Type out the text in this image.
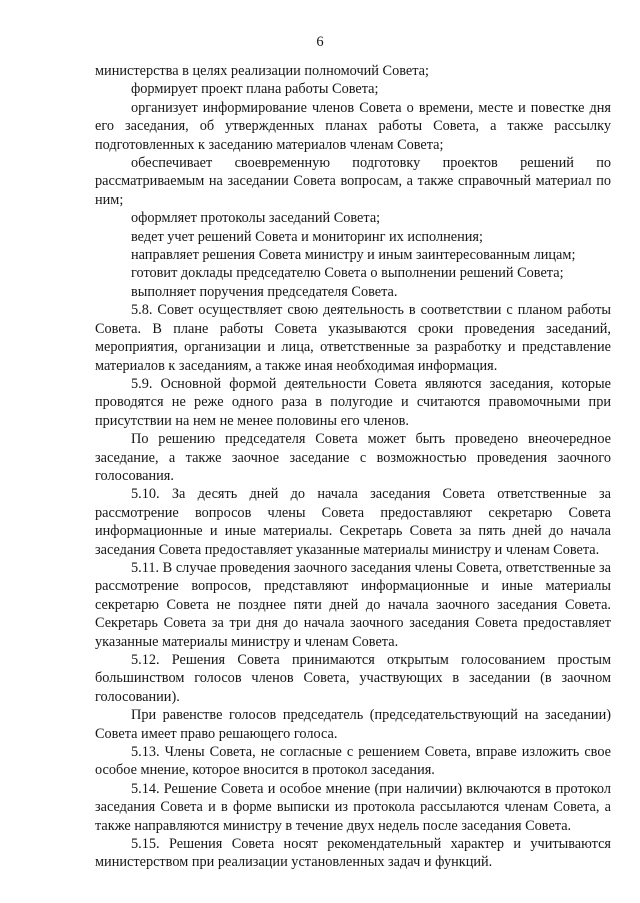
6

министерства в целях реализации полномочий Совета;

формирует проект плана работы Совета;

организует информирование членов Совета о времени, месте и повестке дня его заседания, об утвержденных планах работы Совета, а также рассылку подготовленных к заседанию материалов членам Совета;

обеспечивает своевременную подготовку проектов решений по рассматриваемым на заседании Совета вопросам, а также справочный материал по ним;

оформляет протоколы заседаний Совета;

ведет учет решений Совета и мониторинг их исполнения;

направляет решения Совета министру и иным заинтересованным лицам;

готовит доклады председателю Совета о выполнении решений Совета;

выполняет поручения председателя Совета.

5.8. Совет осуществляет свою деятельность в соответствии с планом работы Совета. В плане работы Совета указываются сроки проведения заседаний, мероприятия, организации и лица, ответственные за разработку и представление материалов к заседаниям, а также иная необходимая информация.

5.9. Основной формой деятельности Совета являются заседания, которые проводятся не реже одного раза в полугодие и считаются правомочными при присутствии на нем не менее половины его членов.

По решению председателя Совета может быть проведено внеочередное заседание, а также заочное заседание с возможностью проведения заочного голосования.

5.10. За десять дней до начала заседания Совета ответственные за рассмотрение вопросов члены Совета предоставляют секретарю Совета информационные и иные материалы. Секретарь Совета за пять дней до начала заседания Совета предоставляет указанные материалы министру и членам Совета.

5.11. В случае проведения заочного заседания члены Совета, ответственные за рассмотрение вопросов, представляют информационные и иные материалы секретарю Совета не позднее пяти дней до начала заочного заседания Совета. Секретарь Совета за три дня до начала заочного заседания Совета предоставляет указанные материалы министру и членам Совета.

5.12. Решения Совета принимаются открытым голосованием простым большинством голосов членов Совета, участвующих в заседании (в заочном голосовании).

При равенстве голосов председатель (председательствующий на заседании) Совета имеет право решающего голоса.

5.13. Члены Совета, не согласные с решением Совета, вправе изложить свое особое мнение, которое вносится в протокол заседания.

5.14. Решение Совета и особое мнение (при наличии) включаются в протокол заседания Совета и в форме выписки из протокола рассылаются членам Совета, а также направляются министру в течение двух недель после заседания Совета.

5.15. Решения Совета носят рекомендательный характер и учитываются министерством при реализации установленных задач и функций.
